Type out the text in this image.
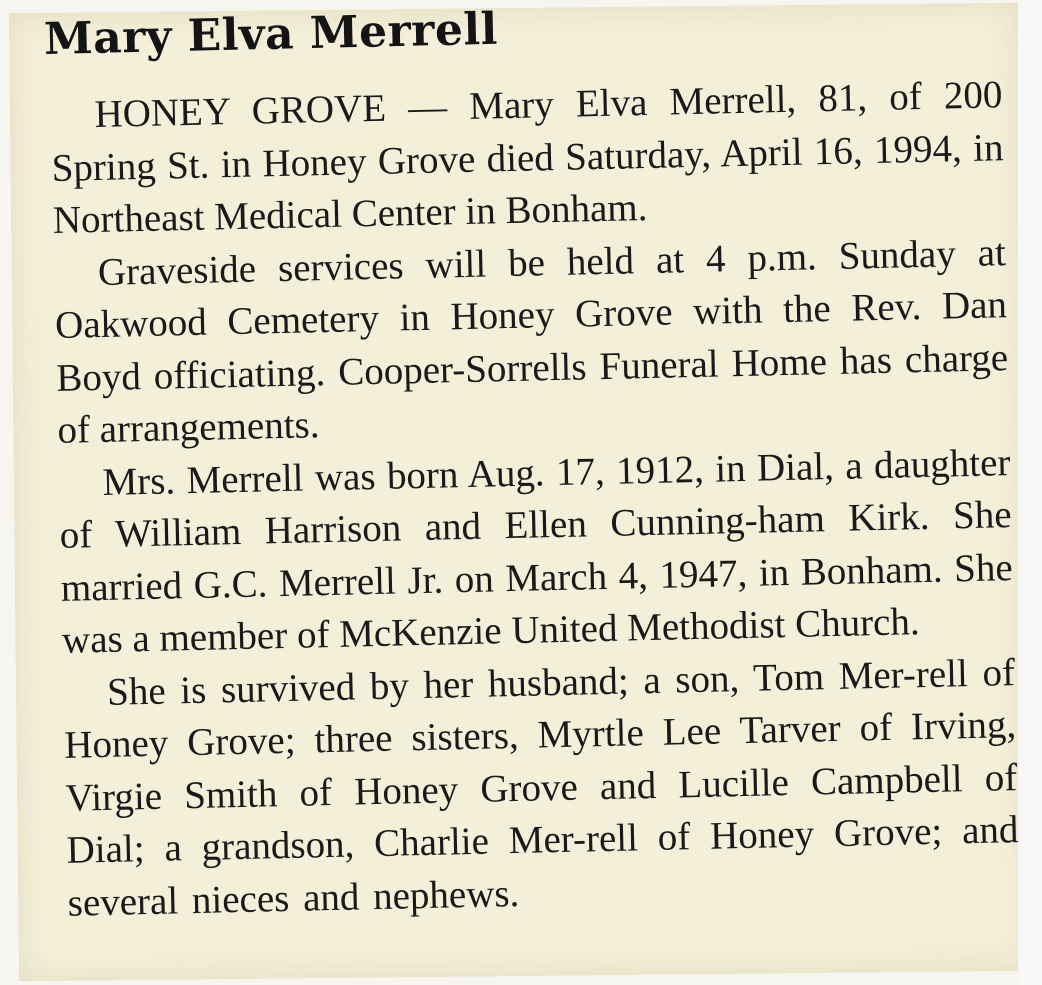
Mary Elva Merrell

HONEY GROVE — Mary Elva Merrell, 81, of 200 Spring St. in Honey Grove died Saturday, April 16, 1994, in Northeast Medical Center in Bonham.

Graveside services will be held at 4 p.m. Sunday at Oakwood Cemetery in Honey Grove with the Rev. Dan Boyd officiating. Cooper-Sorrells Funeral Home has charge of arrangements.

Mrs. Merrell was born Aug. 17, 1912, in Dial, a daughter of William Harrison and Ellen Cunning-ham Kirk. She married G.C. Merrell Jr. on March 4, 1947, in Bonham. She was a member of McKenzie United Methodist Church.

She is survived by her husband; a son, Tom Mer-rell of Honey Grove; three sisters, Myrtle Lee Tarver of Irving, Virgie Smith of Honey Grove and Lucille Campbell of Dial; a grandson, Charlie Mer-rell of Honey Grove; and several nieces and nephews.
